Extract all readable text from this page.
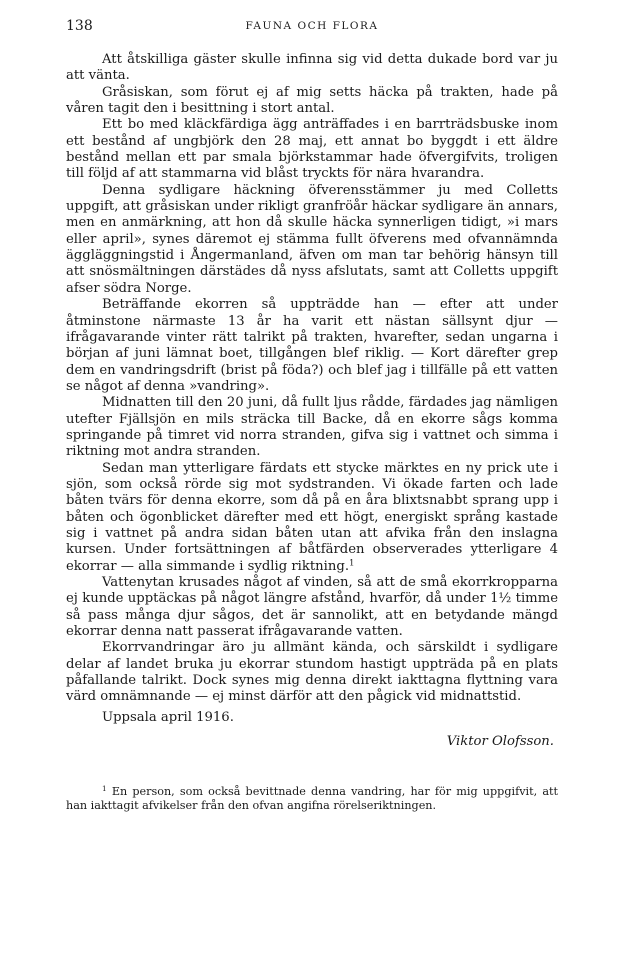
138	FAUNA OCH FLORA

Att åtskilliga gäster skulle infinna sig vid detta dukade bord var ju att vänta.

Gråsiskan, som förut ej af mig setts häcka på trakten, hade på våren tagit den i besittning i stort antal.

Ett bo med kläckfärdiga ägg anträffades i en barrträdsbuske inom ett bestånd af ungbjörk den 28 maj, ett annat bo byggdt i ett äldre bestånd mellan ett par smala björkstammar hade öfvergifvits, troligen till följd af att stammarna vid blåst tryckts för nära hvarandra.

Denna sydligare häckning öfverensstämmer ju med Colletts uppgift, att gråsiskan under rikligt granfröår häckar sydligare än annars, men en anmärkning, att hon då skulle häcka synnerligen tidigt, »i mars eller april», synes däremot ej stämma fullt öfverens med ofvannämnda äggläggningstid i Ångermanland, äfven om man tar behörig hänsyn till att snösmältningen därstädes då nyss afslutats, samt att Colletts uppgift afser södra Norge.

Beträffande ekorren så uppträdde han — efter att under åtminstone närmaste 13 år ha varit ett nästan sällsynt djur — ifrågavarande vinter rätt talrikt på trakten, hvarefter, sedan ungarna i början af juni lämnat boet, tillgången blef riklig. — Kort därefter grep dem en vandringsdrift (brist på föda?) och blef jag i tillfälle på ett vatten se något af denna »vandring».

Midnatten till den 20 juni, då fullt ljus rådde, färdades jag nämligen utefter Fjällsjön en mils sträcka till Backe, då en ekorre sågs komma springande på timret vid norra stranden, gifva sig i vattnet och simma i riktning mot andra stranden.

Sedan man ytterligare färdats ett stycke märktes en ny prick ute i sjön, som också rörde sig mot sydstranden. Vi ökade farten och lade båten tvärs för denna ekorre, som då på en åra blixtsnabbt sprang upp i båten och ögonblicket därefter med ett högt, energiskt språng kastade sig i vattnet på andra sidan båten utan att afvika från den inslagna kursen. Under fortsättningen af båtfärden observerades ytterligare 4 ekorrar — alla simmande i sydlig riktning.$^1$

Vattenytan krusades något af vinden, så att de små ekorrkropparna ej kunde upptäckas på något längre afstånd, hvarför, då under 1½ timme så pass många djur sågos, det är sannolikt, att en betydande mängd ekorrar denna natt passerat ifrågavarande vatten.

Ekorrvandringar äro ju allmänt kända, och särskildt i sydligare delar af landet bruka ju ekorrar stundom hastigt uppträda på en plats påfallande talrikt. Dock synes mig denna direkt iakttagna flyttning vara värd omnämnande — ej minst därför att den pågick vid midnattstid.

Uppsala april 1916.
Viktor Olofsson.
$^1$ En person, som också bevittnade denna vandring, har för mig uppgifvit, att han iakttagit afvikelser från den ofvan angifna rörelseriktningen.
